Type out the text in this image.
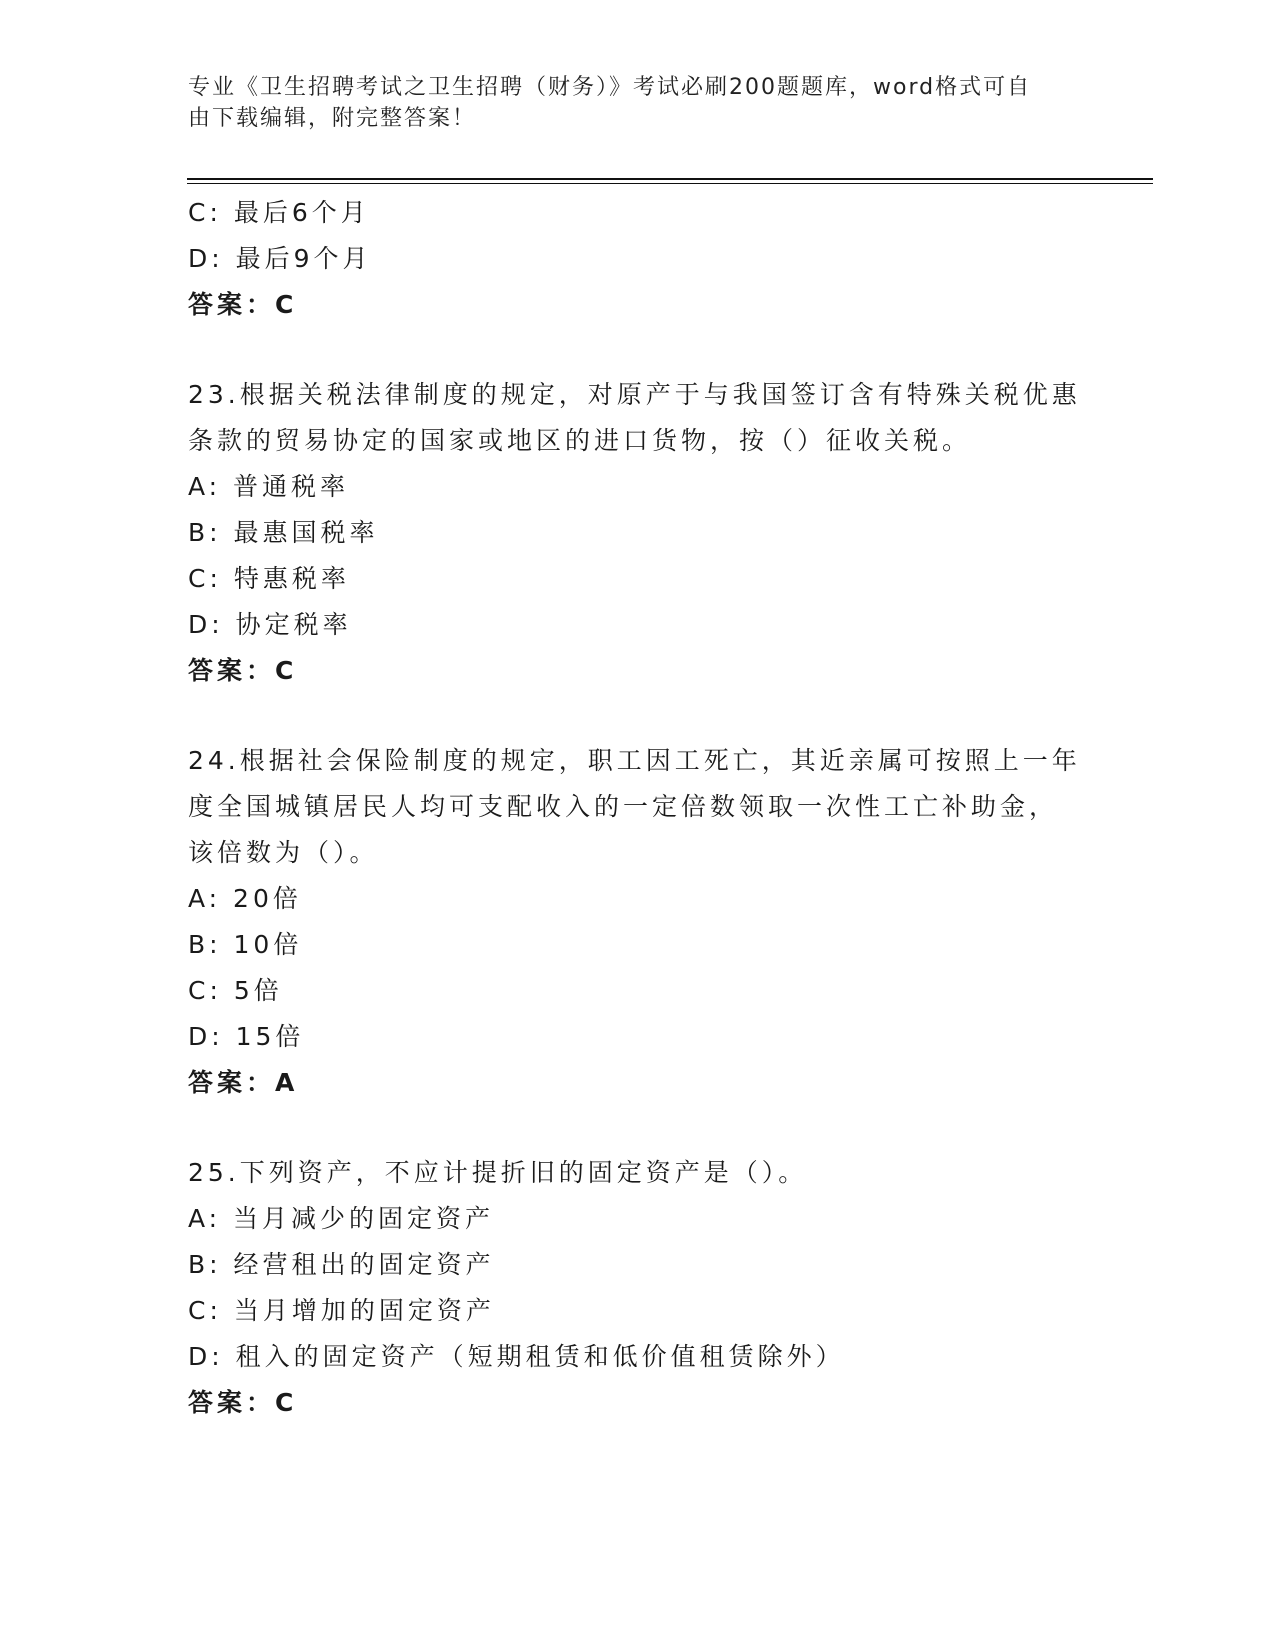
专业《卫生招聘考试之卫生招聘（财务）》考试必刷200题题库，word格式可自
由下载编辑，附完整答案！
C: 最后6个月
D: 最后9个月
答案：C
23.根据关税法律制度的规定，对原产于与我国签订含有特殊关税优惠
条款的贸易协定的国家或地区的进口货物，按（）征收关税。
A: 普通税率
B: 最惠国税率
C: 特惠税率
D: 协定税率
答案：C
24.根据社会保险制度的规定，职工因工死亡，其近亲属可按照上一年
度全国城镇居民人均可支配收入的一定倍数领取一次性工亡补助金，
该倍数为（）。
A: 20倍
B: 10倍
C: 5倍
D: 15倍
答案：A
25.下列资产，不应计提折旧的固定资产是（）。
A: 当月减少的固定资产
B: 经营租出的固定资产
C: 当月增加的固定资产
D: 租入的固定资产（短期租赁和低价值租赁除外）
答案：C
